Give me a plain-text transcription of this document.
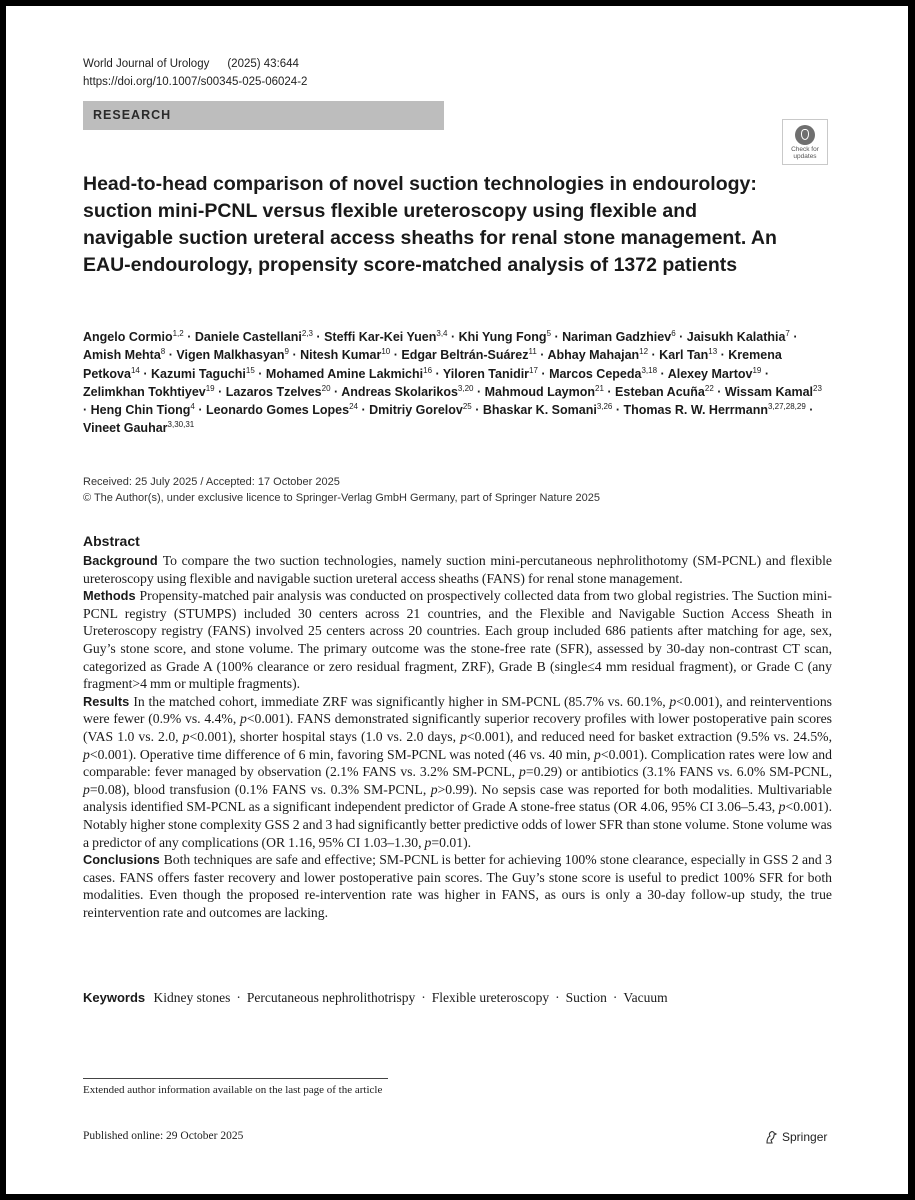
World Journal of Urology (2025) 43:644
https://doi.org/10.1007/s00345-025-06024-2
RESEARCH
Check for
updates
Head-to-head comparison of novel suction technologies in endourology: suction mini-PCNL versus flexible ureteroscopy using flexible and navigable suction ureteral access sheaths for renal stone management. An EAU-endourology, propensity score-matched analysis of 1372 patients
Angelo Cormio$^{1,2}$ · Daniele Castellani$^{2,3}$ · Steffi Kar-Kei Yuen$^{3,4}$ · Khi Yung Fong$^5$ · Nariman Gadzhiev$^6$ · Jaisukh Kalathia$^7$ · Amish Mehta$^8$ · Vigen Malkhasyan$^9$ · Nitesh Kumar$^{10}$ · Edgar Beltrán-Suárez$^{11}$ · Abhay Mahajan$^{12}$ · Karl Tan$^{13}$ · Kremena Petkova$^{14}$ · Kazumi Taguchi$^{15}$ · Mohamed Amine Lakmichi$^{16}$ · Yiloren Tanidir$^{17}$ · Marcos Cepeda$^{3,18}$ · Alexey Martov$^{19}$ · Zelimkhan Tokhtiyev$^{19}$ · Lazaros Tzelves$^{20}$ · Andreas Skolarikos$^{3,20}$ · Mahmoud Laymon$^{21}$ · Esteban Acuña$^{22}$ · Wissam Kamal$^{23}$ · Heng Chin Tiong$^4$ · Leonardo Gomes Lopes$^{24}$ · Dmitriy Gorelov$^{25}$ · Bhaskar K. Somani$^{3,26}$ · Thomas R. W. Herrmann$^{3,27,28,29}$ · Vineet Gauhar$^{3,30,31}$
Received: 25 July 2025 / Accepted: 17 October 2025
© The Author(s), under exclusive licence to Springer-Verlag GmbH Germany, part of Springer Nature 2025
Abstract

Background To compare the two suction technologies, namely suction mini-percutaneous nephrolithotomy (SM-PCNL) and flexible ureteroscopy using flexible and navigable suction ureteral access sheaths (FANS) for renal stone management.

Methods Propensity-matched pair analysis was conducted on prospectively collected data from two global registries. The Suction mini-PCNL registry (STUMPS) included 30 centers across 21 countries, and the Flexible and Navigable Suction Access Sheath in Ureteroscopy registry (FANS) involved 25 centers across 20 countries. Each group included 686 patients after matching for age, sex, Guy’s stone score, and stone volume. The primary outcome was the stone-free rate (SFR), assessed by 30-day non-contrast CT scan, categorized as Grade A (100% clearance or zero residual fragment, ZRF), Grade B (single≤4 mm residual fragment), or Grade C (any fragment>4 mm or multiple fragments).

Results In the matched cohort, immediate ZRF was significantly higher in SM-PCNL (85.7% vs. 60.1%, p<0.001), and reinterventions were fewer (0.9% vs. 4.4%, p<0.001). FANS demonstrated significantly superior recovery profiles with lower postoperative pain scores (VAS 1.0 vs. 2.0, p<0.001), shorter hospital stays (1.0 vs. 2.0 days, p<0.001), and reduced need for basket extraction (9.5% vs. 24.5%, p<0.001). Operative time difference of 6 min, favoring SM-PCNL was noted (46 vs. 40 min, p<0.001). Complication rates were low and comparable: fever managed by observation (2.1% FANS vs. 3.2% SM-PCNL, p=0.29) or antibiotics (3.1% FANS vs. 6.0% SM-PCNL, p=0.08), blood transfusion (0.1% FANS vs. 0.3% SM-PCNL, p>0.99). No sepsis case was reported for both modalities. Multivariable analysis identified SM-PCNL as a significant independent predictor of Grade A stone-free status (OR 4.06, 95% CI 3.06–5.43, p<0.001). Notably higher stone complexity GSS 2 and 3 had significantly better predictive odds of lower SFR than stone volume. Stone volume was a predictor of any complications (OR 1.16, 95% CI 1.03–1.30, p=0.01).

Conclusions Both techniques are safe and effective; SM-PCNL is better for achieving 100% stone clearance, especially in GSS 2 and 3 cases. FANS offers faster recovery and lower postoperative pain scores. The Guy’s stone score is useful to predict 100% SFR for both modalities. Even though the proposed re-intervention rate was higher in FANS, as ours is only a 30-day follow-up study, the true reintervention rate and outcomes are lacking.

Keywords Kidney stones · Percutaneous nephrolithotrispy · Flexible ureteroscopy · Suction · Vacuum
Extended author information available on the last page of the article
Published online: 29 October 2025	Springer
